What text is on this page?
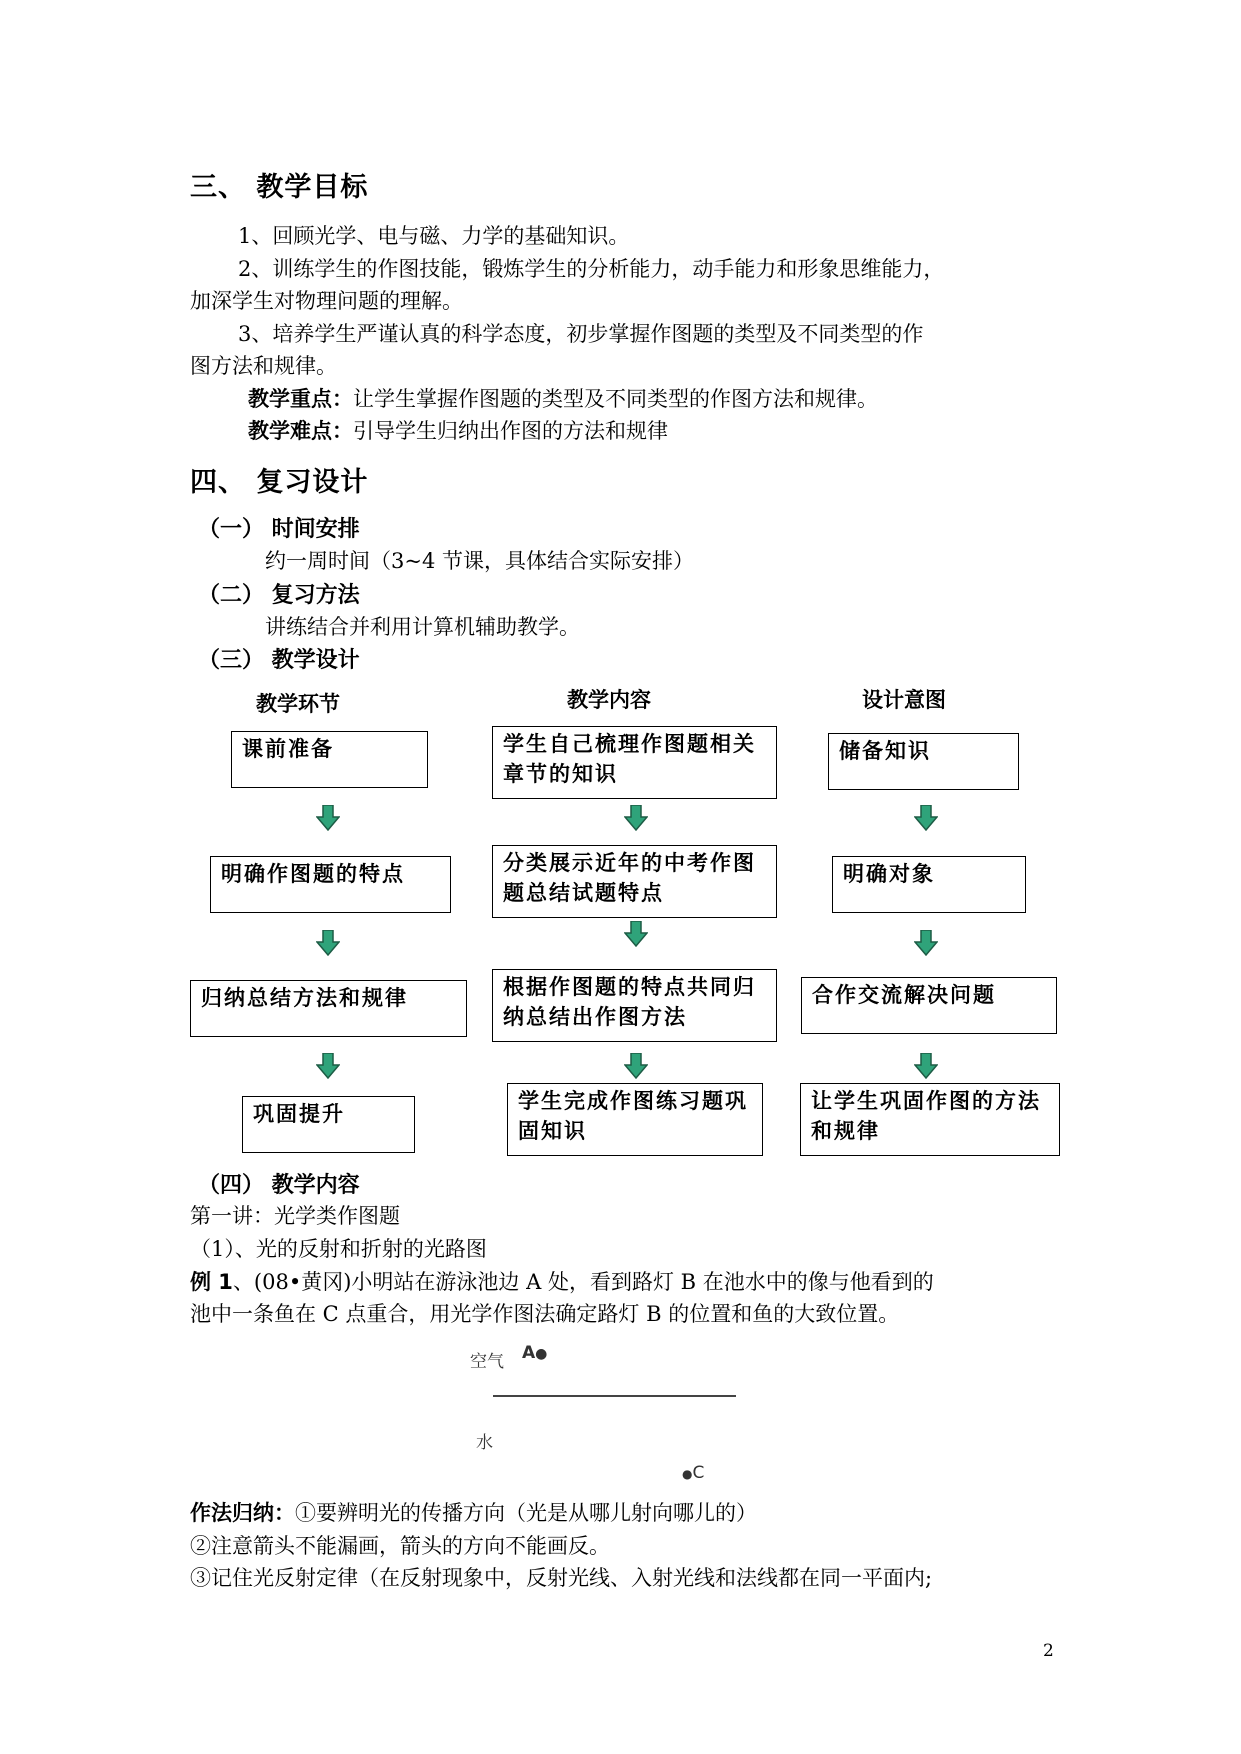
三、 教学目标
1、回顾光学、电与磁、力学的基础知识。
2、训练学生的作图技能，锻炼学生的分析能力，动手能力和形象思维能力，
加深学生对物理问题的理解。
3、培养学生严谨认真的科学态度，初步掌握作图题的类型及不同类型的作
图方法和规律。
教学重点：让学生掌握作图题的类型及不同类型的作图方法和规律。
教学难点：引导学生归纳出作图的方法和规律
四、 复习设计
（一） 时间安排
约一周时间（3~4 节课，具体结合实际安排）
（二） 复习方法
讲练结合并利用计算机辅助教学。
（三） 教学设计
教学环节	教学内容	设计意图
课前准备
明确作图题的特点
归纳总结方法和规律
巩固提升
学生自己梳理作图题相关章节的知识
分类展示近年的中考作图题总结试题特点
根据作图题的特点共同归纳总结出作图方法
学生完成作图练习题巩固知识
储备知识
明确对象
合作交流解决问题
让学生巩固作图的方法和规律
（四） 教学内容
第一讲：光学类作图题
（1）、光的反射和折射的光路图
例 1、(08•黄冈)小明站在游泳池边 A 处，看到路灯 B 在池水中的像与他看到的
池中一条鱼在 C 点重合，用光学作图法确定路灯 B 的位置和鱼的大致位置。
空气 A●
水
●C
作法归纳：①要辨明光的传播方向（光是从哪儿射向哪儿的）
②注意箭头不能漏画，箭头的方向不能画反。
③记住光反射定律（在反射现象中，反射光线、入射光线和法线都在同一平面内;
2
